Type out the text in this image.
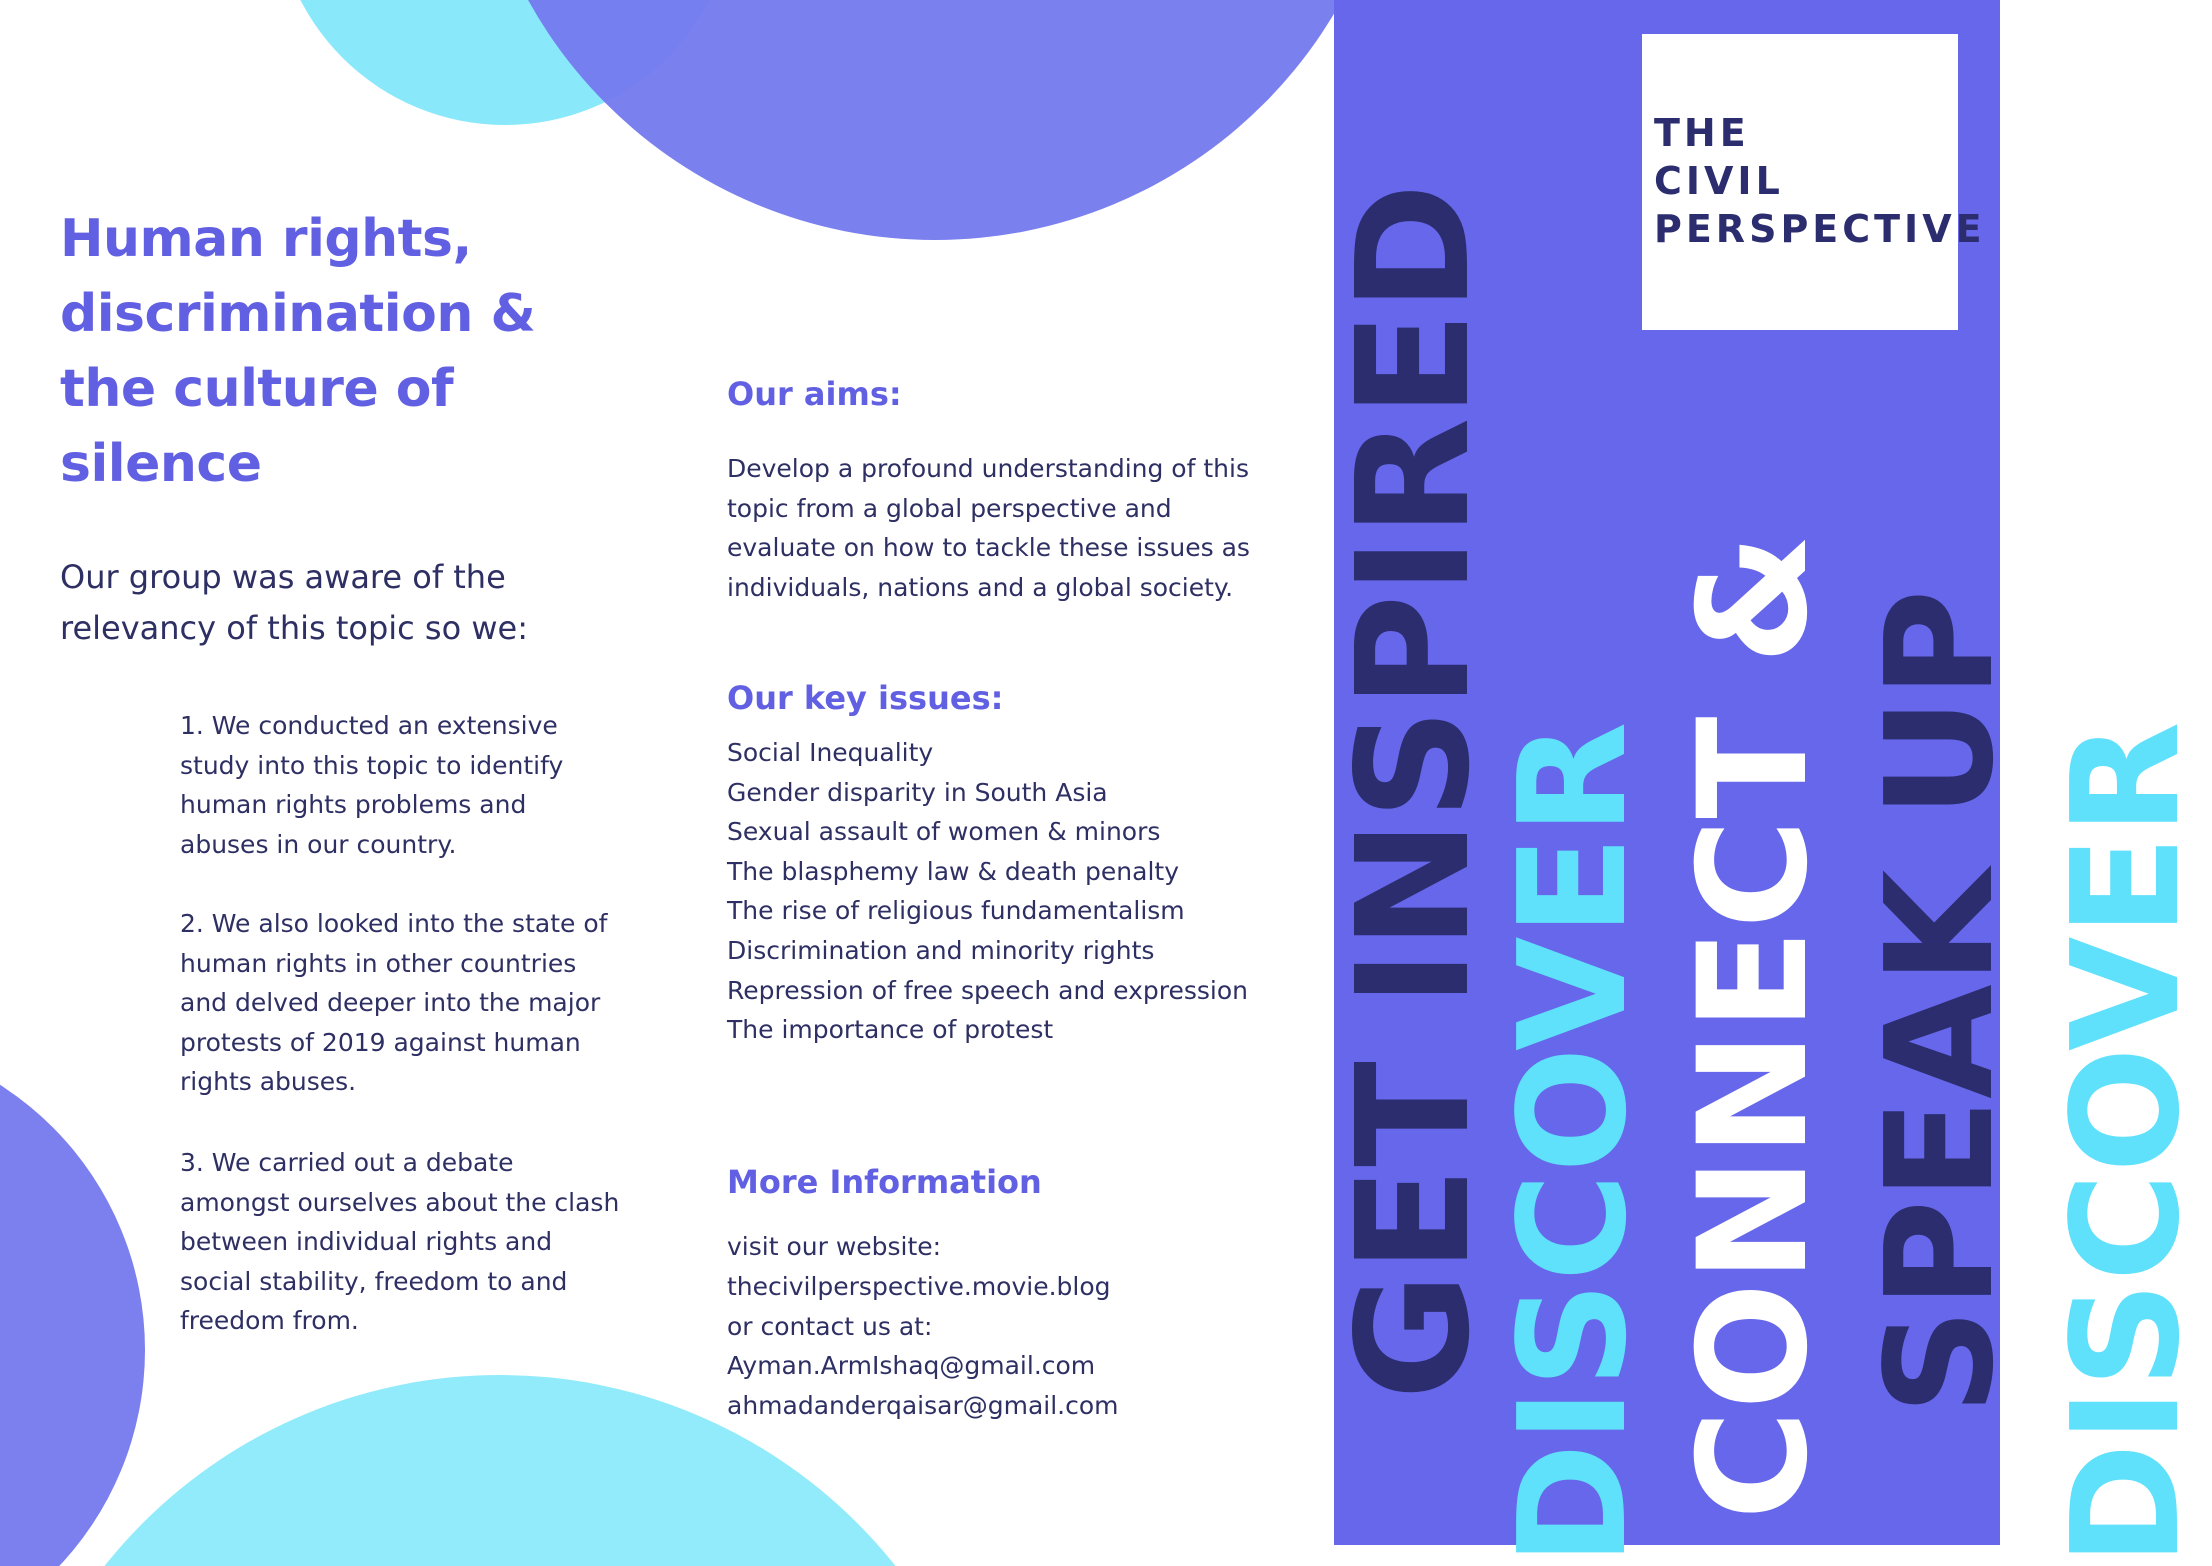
GET INSPIRED
DISCOVER CONNECT & SPEAK UP DISCOVER
THE
CIVIL
PERSPECTIVE
Human rights,
discrimination &
the culture of
silence

Our group was aware of the
relevancy of this topic so we:

1. We conducted an extensive
study into this topic to identify
human rights problems and
abuses in our country.
2. We also looked into the state of
human rights in other countries
and delved deeper into the major
protests of 2019 against human
rights abuses.
3. We carried out a debate
amongst ourselves about the clash
between individual rights and
social stability, freedom to and
freedom from.
Our aims:

Develop a profound understanding of this
topic from a global perspective and
evaluate on how to tackle these issues as
individuals, nations and a global society.

Our key issues:
Social Inequality
Gender disparity in South Asia
Sexual assault of women & minors
The blasphemy law & death penalty
The rise of religious fundamentalism
Discrimination and minority rights
Repression of free speech and expression
The importance of protest
More Information
visit our website:
thecivilperspective.movie.blog
or contact us at:
Ayman.ArmIshaq@gmail.com
ahmadanderqaisar@gmail.com
